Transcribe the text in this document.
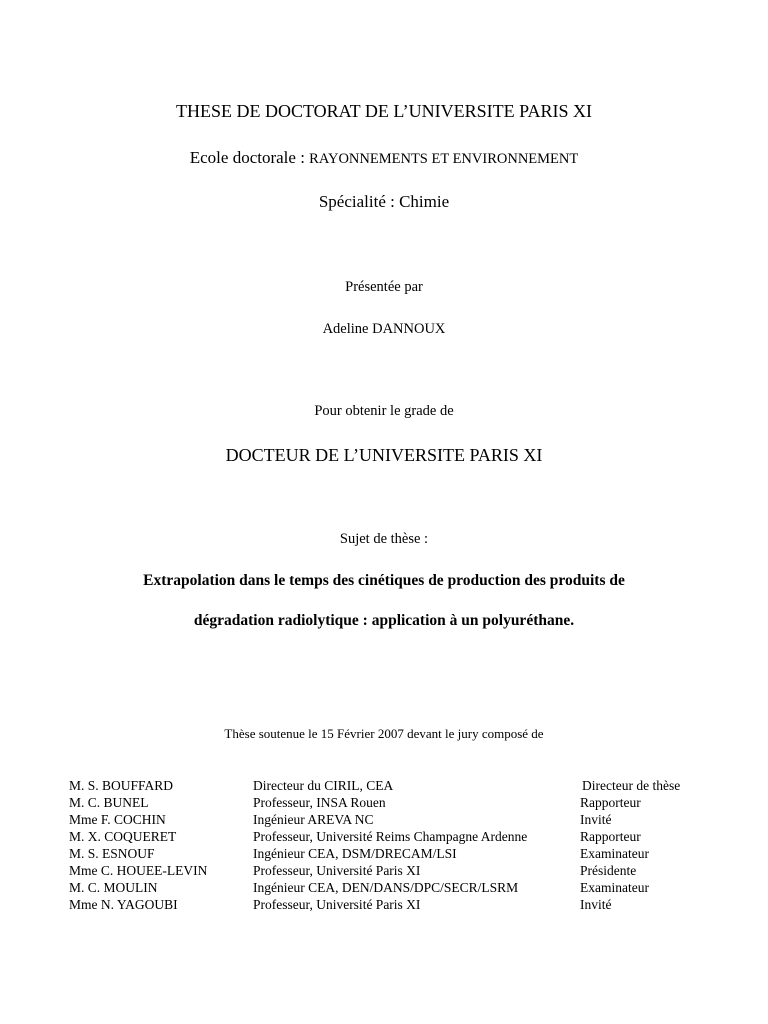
THESE DE DOCTORAT DE L’UNIVERSITE PARIS XI
Ecole doctorale : RAYONNEMENTS ET ENVIRONNEMENT
Spécialité : Chimie
Présentée par
Adeline DANNOUX
Pour obtenir le grade de
DOCTEUR DE L’UNIVERSITE PARIS XI
Sujet de thèse :
Extrapolation dans le temps des cinétiques de production des produits de
dégradation radiolytique : application à un polyuréthane.
Thèse soutenue le 15 Février 2007 devant le jury composé de
M. S. BOUFFARD	Directeur du CIRIL, CEA	Directeur de thèse
M. C. BUNEL	Professeur, INSA Rouen	Rapporteur
Mme F. COCHIN	Ingénieur AREVA NC	Invité
M. X. COQUERET	Professeur, Université Reims Champagne Ardenne	Rapporteur
M. S. ESNOUF	Ingénieur CEA, DSM/DRECAM/LSI	Examinateur
Mme C. HOUEE-LEVIN	Professeur, Université Paris XI	Présidente
M. C. MOULIN	Ingénieur CEA, DEN/DANS/DPC/SECR/LSRM	Examinateur
Mme N. YAGOUBI	Professeur, Université Paris XI	Invité
